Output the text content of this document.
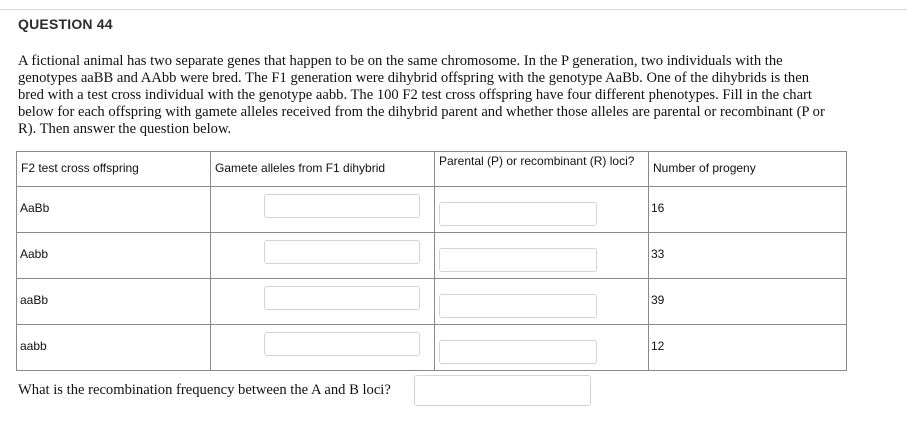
QUESTION 44
A fictional animal has two separate genes that happen to be on the same chromosome. In the P generation, two individuals with the genotypes aaBB and AAbb were bred. The F1 generation were dihybrid offspring with the genotype AaBb. One of the dihybrids is then bred with a test cross individual with the genotype aabb. The 100 F2 test cross offspring have four different phenotypes. Fill in the chart below for each offspring with gamete alleles received from the dihybrid parent and whether those alleles are parental or recombinant (P or R). Then answer the question below.
F2 test cross offspring	Gamete alleles from F1 dihybrid	Parental (P) or recombinant (R) loci?	Number of progeny

AaBb			16

Aabb			33

aaBb			39

aabb			12
What is the recombination frequency between the A and B loci?
